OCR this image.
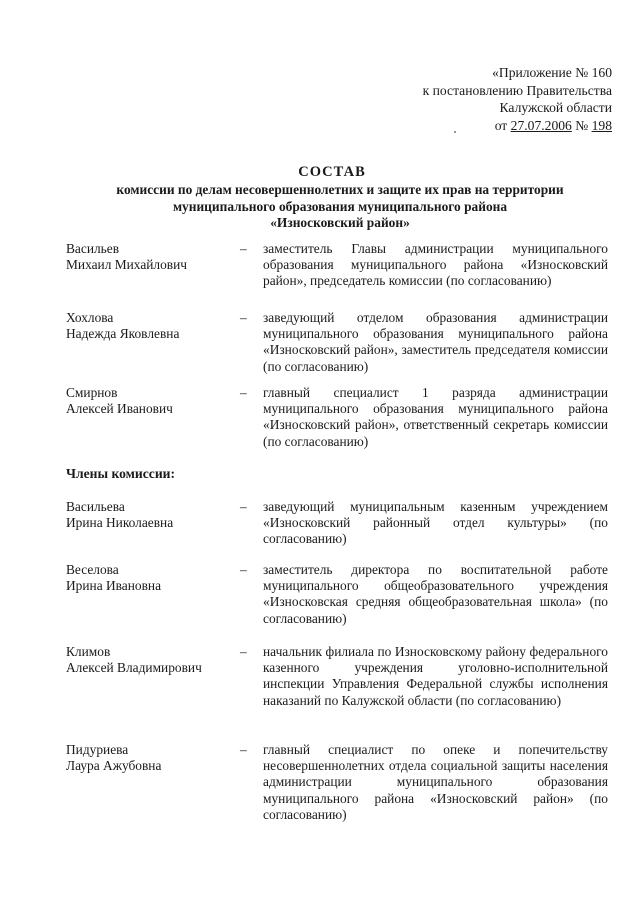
«Приложение № 160
к постановлению Правительства
Калужской области
от 27.07.2006 № 198
СОСТАВ
комиссии по делам несовершеннолетних и защите их прав на территории
муниципального образования муниципального района
«Износковский район»
Васильев
Михаил Михайлович
– заместитель Главы администрации муниципального образования муниципального района «Износковский район», председатель комиссии (по согласованию)
Хохлова
Надежда Яковлевна
– заведующий отделом образования администрации муниципального образования муниципального района «Износковский район», заместитель председателя комиссии (по согласованию)
Смирнов
Алексей Иванович
– главный специалист 1 разряда администрации муниципального образования муниципального района «Износковский район», ответственный секретарь комиссии (по согласованию)
Члены комиссии:
Васильева
Ирина Николаевна
– заведующий муниципальным казенным учреждением «Износковский районный отдел культуры» (по согласованию)
Веселова
Ирина Ивановна
– заместитель директора по воспитательной работе муниципального общеобразовательного учреждения «Износковская средняя общеобразовательная школа» (по согласованию)
Климов
Алексей Владимирович
– начальник филиала по Износковскому району федерального казенного учреждения уголовно-исполнительной инспекции Управления Федеральной службы исполнения наказаний по Калужской области (по согласованию)
Пидуриева
Лаура Ажубовна
– главный специалист по опеке и попечительству несовершеннолетних отдела социальной защиты населения администрации муниципального образования муниципального района «Износковский район» (по согласованию)
